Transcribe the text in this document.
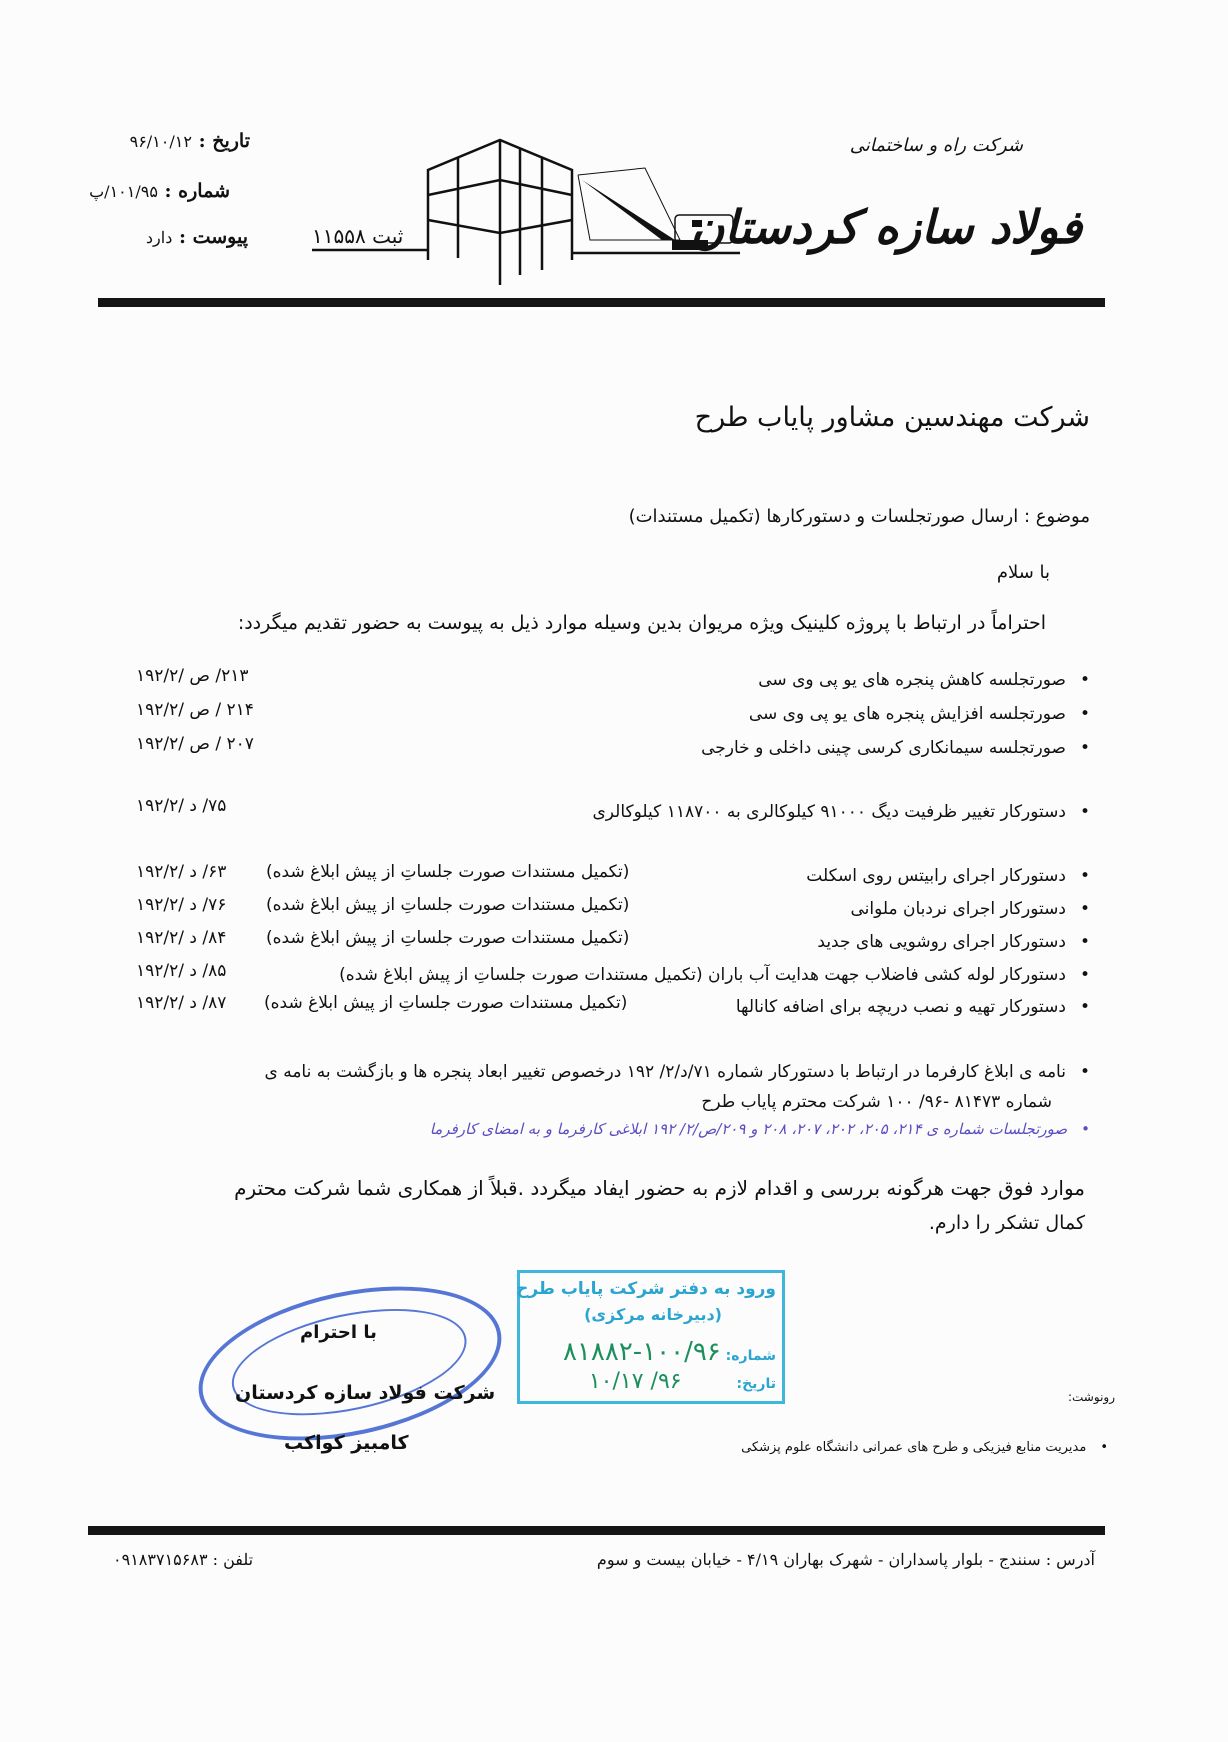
تاریخ : ۹۶/۱۰/۱۲
شماره : ۱۰۱/۹۵/پ
پیوست : دارد	ثبت ۱۱۵۵۸
شرکت راه و ساختمانی
فولاد سازه کردستان
شرکت مهندسین مشاور پایاب طرح
موضوع : ارسال صورتجلسات و دستورکارها (تکمیل مستندات)
با سلام
احتراماً در ارتباط با پروژه کلینیک ویژه مریوان بدین وسیله موارد ذیل به پیوست به حضور تقدیم میگردد:
• صورتجلسه کاهش پنجره های یو پی وی سی
۲۱۳/ ص /۱۹۲/۲
• صورتجلسه افزایش پنجره های یو پی وی سی
۲۱۴ / ص /۱۹۲/۲
• صورتجلسه سیمانکاری کرسی چینی داخلی و خارجی
۲۰۷ / ص /۱۹۲/۲
• دستورکار تغییر ظرفیت دیگ ۹۱۰۰۰ کیلوکالری به ۱۱۸۷۰۰ کیلوکالری
۷۵/ د /۱۹۲/۲
• دستورکار اجرای رابیتس روی اسکلت
(تکمیل مستندات صورت جلساتِ از پیش ابلاغ شده)
۶۳/ د /۱۹۲/۲
• دستورکار اجرای نردبان ملوانی
(تکمیل مستندات صورت جلساتِ از پیش ابلاغ شده)
۷۶/ د /۱۹۲/۲
• دستورکار اجرای روشویی های جدید
(تکمیل مستندات صورت جلساتِ از پیش ابلاغ شده)
۸۴/ د /۱۹۲/۲
• دستورکار لوله کشی فاضلاب جهت هدایت آب باران (تکمیل مستندات صورت جلساتِ از پیش ابلاغ شده)
۸۵/ د /۱۹۲/۲
• دستورکار تهیه و نصب دریچه برای اضافه کانالها
(تکمیل مستندات صورت جلساتِ از پیش ابلاغ شده)
۸۷/ د /۱۹۲/۲
• نامه ی ابلاغ کارفرما در ارتباط با دستورکار شماره ۷۱/د/۲/ ۱۹۲ درخصوص تغییر ابعاد پنجره ها و بازگشت به نامه ی
شماره ۸۱۴۷۳ -۹۶/ ۱۰۰ شرکت محترم پایاب طرح
• صورتجلسات شماره ی ۲۱۴، ۲۰۵، ۲۰۲، ۲۰۷، ۲۰۸ و ۲۰۹/ص/۲/ ۱۹۲ ابلاغی کارفرما و به امضای کارفرما
موارد فوق جهت هرگونه بررسی و اقدام لازم به حضور ایفاد میگردد .قبلاً از همکاری شما شرکت محترم
کمال تشکر را دارم.
با احترام
شرکت فولاد سازه کردستان
کامبیز کواکب
ورود به دفتر شرکت پایاب طرح
(دبیرخانه مرکزی)
شماره: ۱۰۰/۹۶-۸۱۸۸۲
تاریخ: ۹۶/ ۱۰/۱۷
رونوشت:
• مدیریت منابع فیزیکی و طرح های عمرانی دانشگاه علوم پزشکی
آدرس : سنندج - بلوار پاسداران - شهرک بهاران ۴/۱۹ - خیابان بیست و سوم
تلفن : ۰۹۱۸۳۷۱۵۶۸۳
